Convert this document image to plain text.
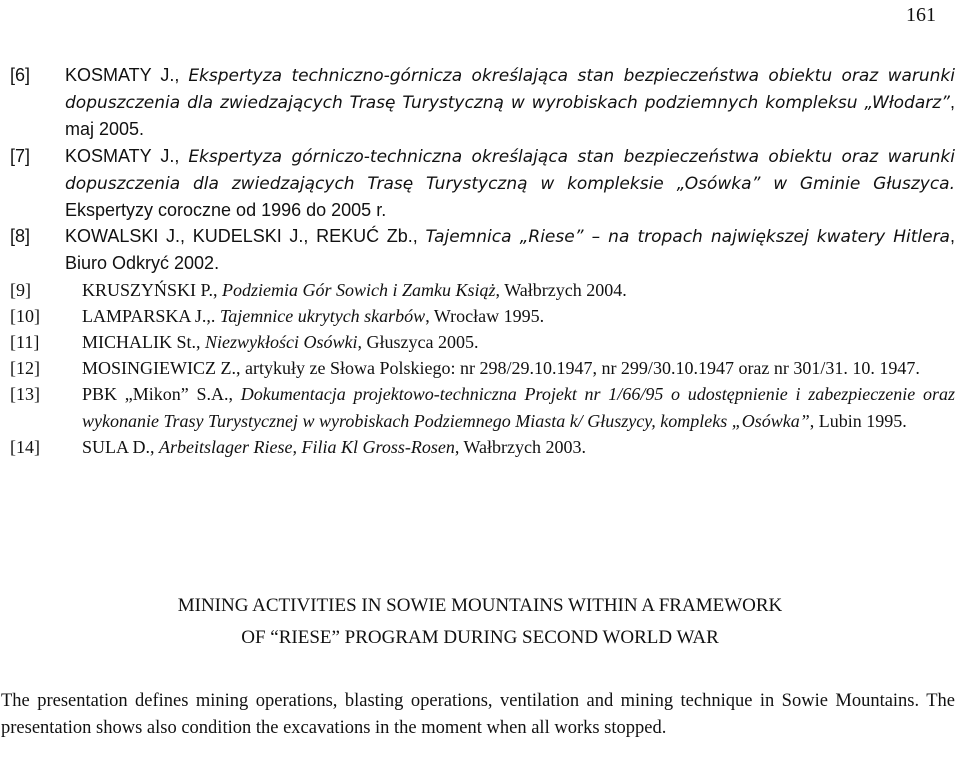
161
[6]	KOSMATY J., Ekspertyza techniczno-górnicza określająca stan bezpieczeństwa obiektu oraz warunki dopuszczenia dla zwiedzających Trasę Turystyczną w wyrobiskach podziemnych kompleksu „Włodarz”, maj 2005.
[7]	KOSMATY J., Ekspertyza górniczo-techniczna określająca stan bezpieczeństwa obiektu oraz warunki dopuszczenia dla zwiedzających Trasę Turystyczną w kompleksie „Osówka” w Gminie Głuszyca. Ekspertyzy coroczne od 1996 do 2005 r.
[8]	KOWALSKI J., KUDELSKI J., REKUĆ Zb., Tajemnica „Riese” – na tropach największej kwatery Hitlera, Biuro Odkryć 2002.
[9]	KRUSZYŃSKI P., Podziemia Gór Sowich i Zamku Książ, Wałbrzych 2004.
[10]	LAMPARSKA J.,. Tajemnice ukrytych skarbów, Wrocław 1995.
[11]	MICHALIK St., Niezwykłości Osówki, Głuszyca 2005.
[12]	MOSINGIEWICZ Z., artykuły ze Słowa Polskiego: nr 298/29.10.1947, nr 299/30.10.1947 oraz nr 301/31. 10. 1947.
[13]	PBK „Mikon” S.A., Dokumentacja projektowo-techniczna Projekt nr 1/66/95 o udostępnienie i zabezpieczenie oraz wykonanie Trasy Turystycznej w wyrobiskach Podziemnego Miasta k/ Głuszycy, kompleks „Osówka”, Lubin 1995.
[14]	SULA D., Arbeitslager Riese, Filia Kl Gross-Rosen, Wałbrzych 2003.
MINING ACTIVITIES IN SOWIE MOUNTAINS WITHIN A FRAMEWORK
OF “RIESE” PROGRAM DURING SECOND WORLD WAR

The presentation defines mining operations, blasting operations, ventilation and mining technique in Sowie Mountains. The presentation shows also condition the excavations in the moment when all works stopped.
